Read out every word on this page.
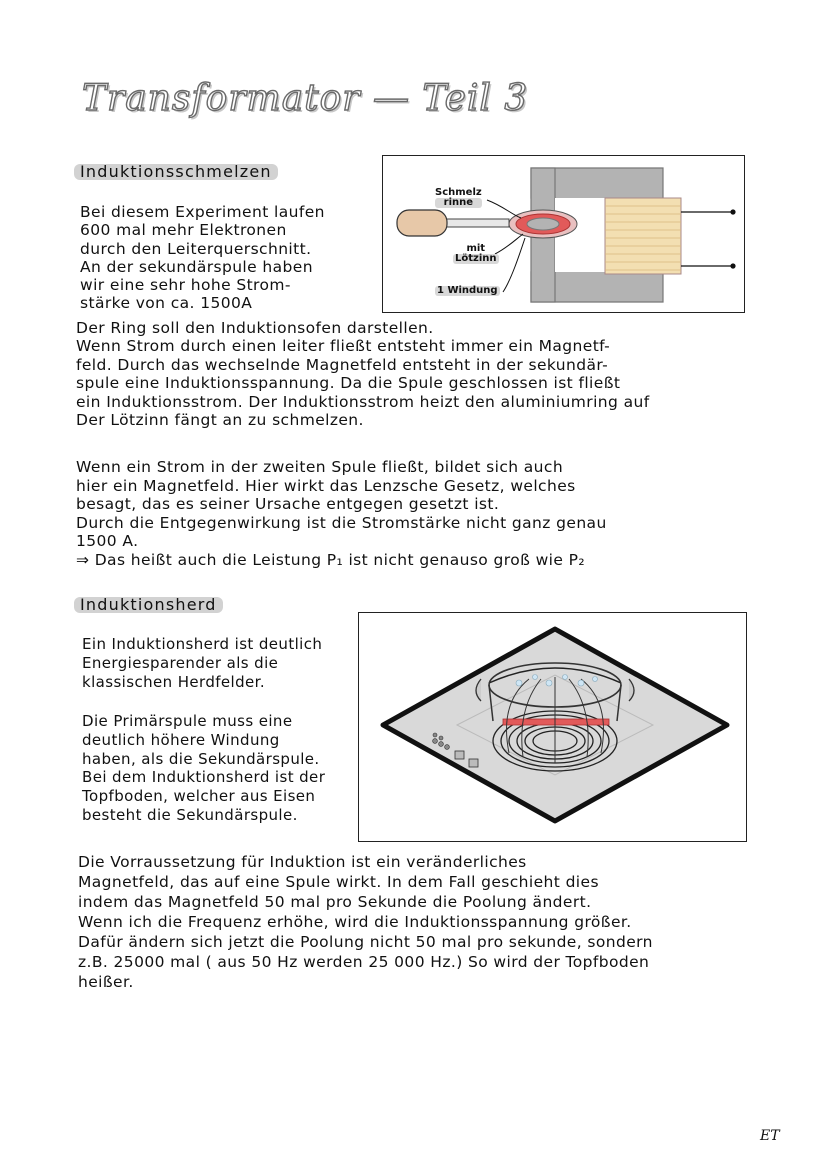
Transformator — Teil 3
Induktionsschmelzen
Bei diesem Experiment laufen
600 mal mehr Elektronen
durch den Leiterquerschnitt.
An der sekundärspule haben
wir eine sehr hohe Strom-
stärke von ca. 1500A
Schmelz
rinne
mit
Lötzinn
1 Windung
Der Ring soll den Induktionsofen darstellen.
Wenn Strom durch einen leiter fließt entsteht immer ein Magnetf-
feld. Durch das wechselnde Magnetfeld entsteht in der sekundär-
spule eine Induktionsspannung. Da die Spule geschlossen ist fließt
ein Induktionsstrom. Der Induktionsstrom heizt den aluminiumring auf
Der Lötzinn fängt an zu schmelzen.
Wenn ein Strom in der zweiten Spule fließt, bildet sich auch
hier ein Magnetfeld. Hier wirkt das Lenzsche Gesetz, welches
besagt, das es seiner Ursache entgegen gesetzt ist.
Durch die Entgegenwirkung ist die Stromstärke nicht ganz genau
1500 A.
⇒ Das heißt auch die Leistung P₁ ist nicht genauso groß wie P₂
Induktionsherd
Ein Induktionsherd ist deutlich
Energiesparender als die
klassischen Herdfelder.
Die Primärspule muss eine
deutlich höhere Windung
haben, als die Sekundärspule.
Bei dem Induktionsherd ist der
Topfboden, welcher aus Eisen
besteht die Sekundärspule.
Die Vorraussetzung für Induktion ist ein veränderliches
Magnetfeld, das auf eine Spule wirkt. In dem Fall geschieht dies
indem das Magnetfeld 50 mal pro Sekunde die Poolung ändert.
Wenn ich die Frequenz erhöhe, wird die Induktionsspannung größer.
Dafür ändern sich jetzt die Poolung nicht 50 mal pro sekunde, sondern
z.B. 25000 mal ( aus 50 Hz werden 25 000 Hz.) So wird der Topfboden
heißer.
ET
